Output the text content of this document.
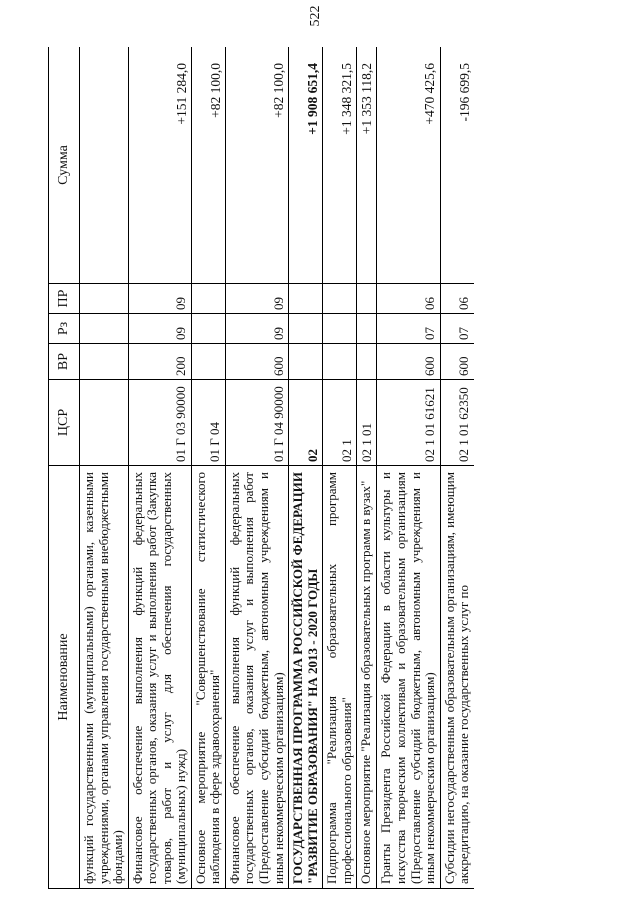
522
Наименование	ЦСР	ВР	Рз	ПР	Сумма
функций государственными (муниципальными) органами, казенными учреждениями, органами управления государственными внебюджетными фондами)					
Финансовое обеспечение выполнения функций федеральных государственных органов, оказания услуг и выполнения работ (Закупка товаров, работ и услуг для обеспечения государственных (муниципальных) нужд)	01 Г 03 90000	200	09	09	+151 284,0
Основное мероприятие "Совершенствование статистического наблюдения в сфере здравоохранения"	01 Г 04				+82 100,0
Финансовое обеспечение выполнения функций федеральных государственных органов, оказания услуг и выполнения работ (Предоставление субсидий бюджетным, автономным учреждениям и иным некоммерческим организациям)	01 Г 04 90000	600	09	09	+82 100,0
ГОСУДАРСТВЕННАЯ ПРОГРАММА РОССИЙСКОЙ ФЕДЕРАЦИИ "РАЗВИТИЕ ОБРАЗОВАНИЯ" НА 2013 - 2020 ГОДЫ	02				+1 908 651,4
Подпрограмма "Реализация образовательных программ профессионального образования"	02 1				+1 348 321,5
Основное мероприятие "Реализация образовательных программ в вузах"	02 1 01				+1 353 118,2
Гранты Президента Российской Федерации в области культуры и искусства творческим коллективам и образовательным организациям (Предоставление субсидий бюджетным, автономным учреждениям и иным некоммерческим организациям)	02 1 01 61621	600	07	06	+470 425,6
Субсидии негосударственным образовательным организациям, имеющим аккредитацию, на оказание государственных услуг по	02 1 01 62350	600	07	06	-196 699,5
